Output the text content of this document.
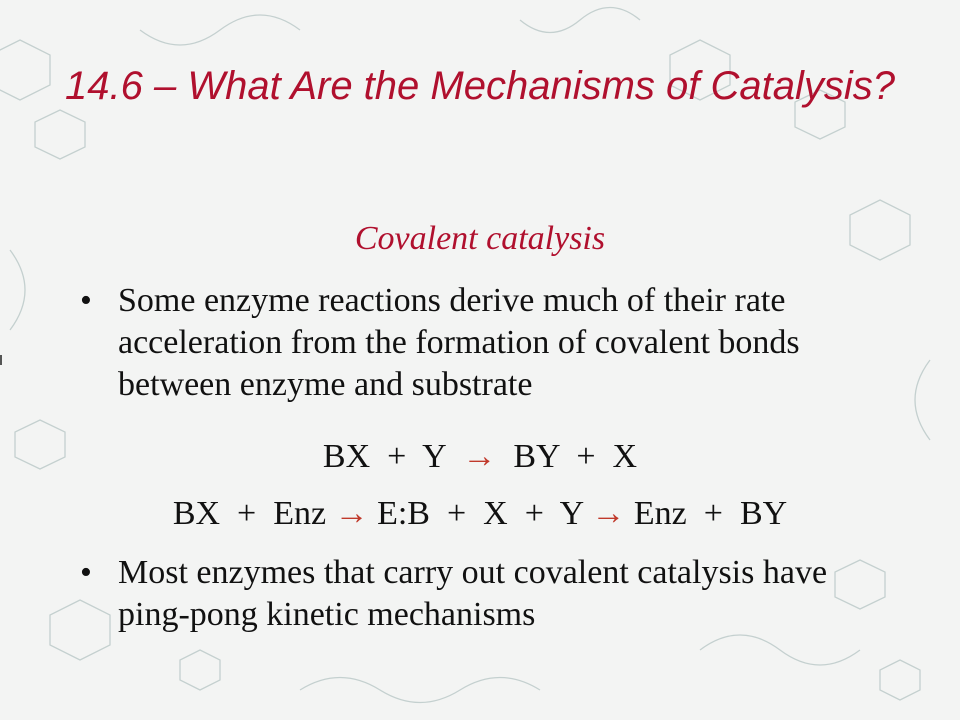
14.6 – What Are the Mechanisms of Catalysis?
Covalent catalysis
• Some enzyme reactions derive much of their rate acceleration from the formation of covalent bonds between enzyme and substrate
BX  +  Y  →  BY  +  X
BX  +  Enz → E:B  +  X  +  Y → Enz  +  BY
• Most enzymes that carry out covalent catalysis have ping-pong kinetic mechanisms
